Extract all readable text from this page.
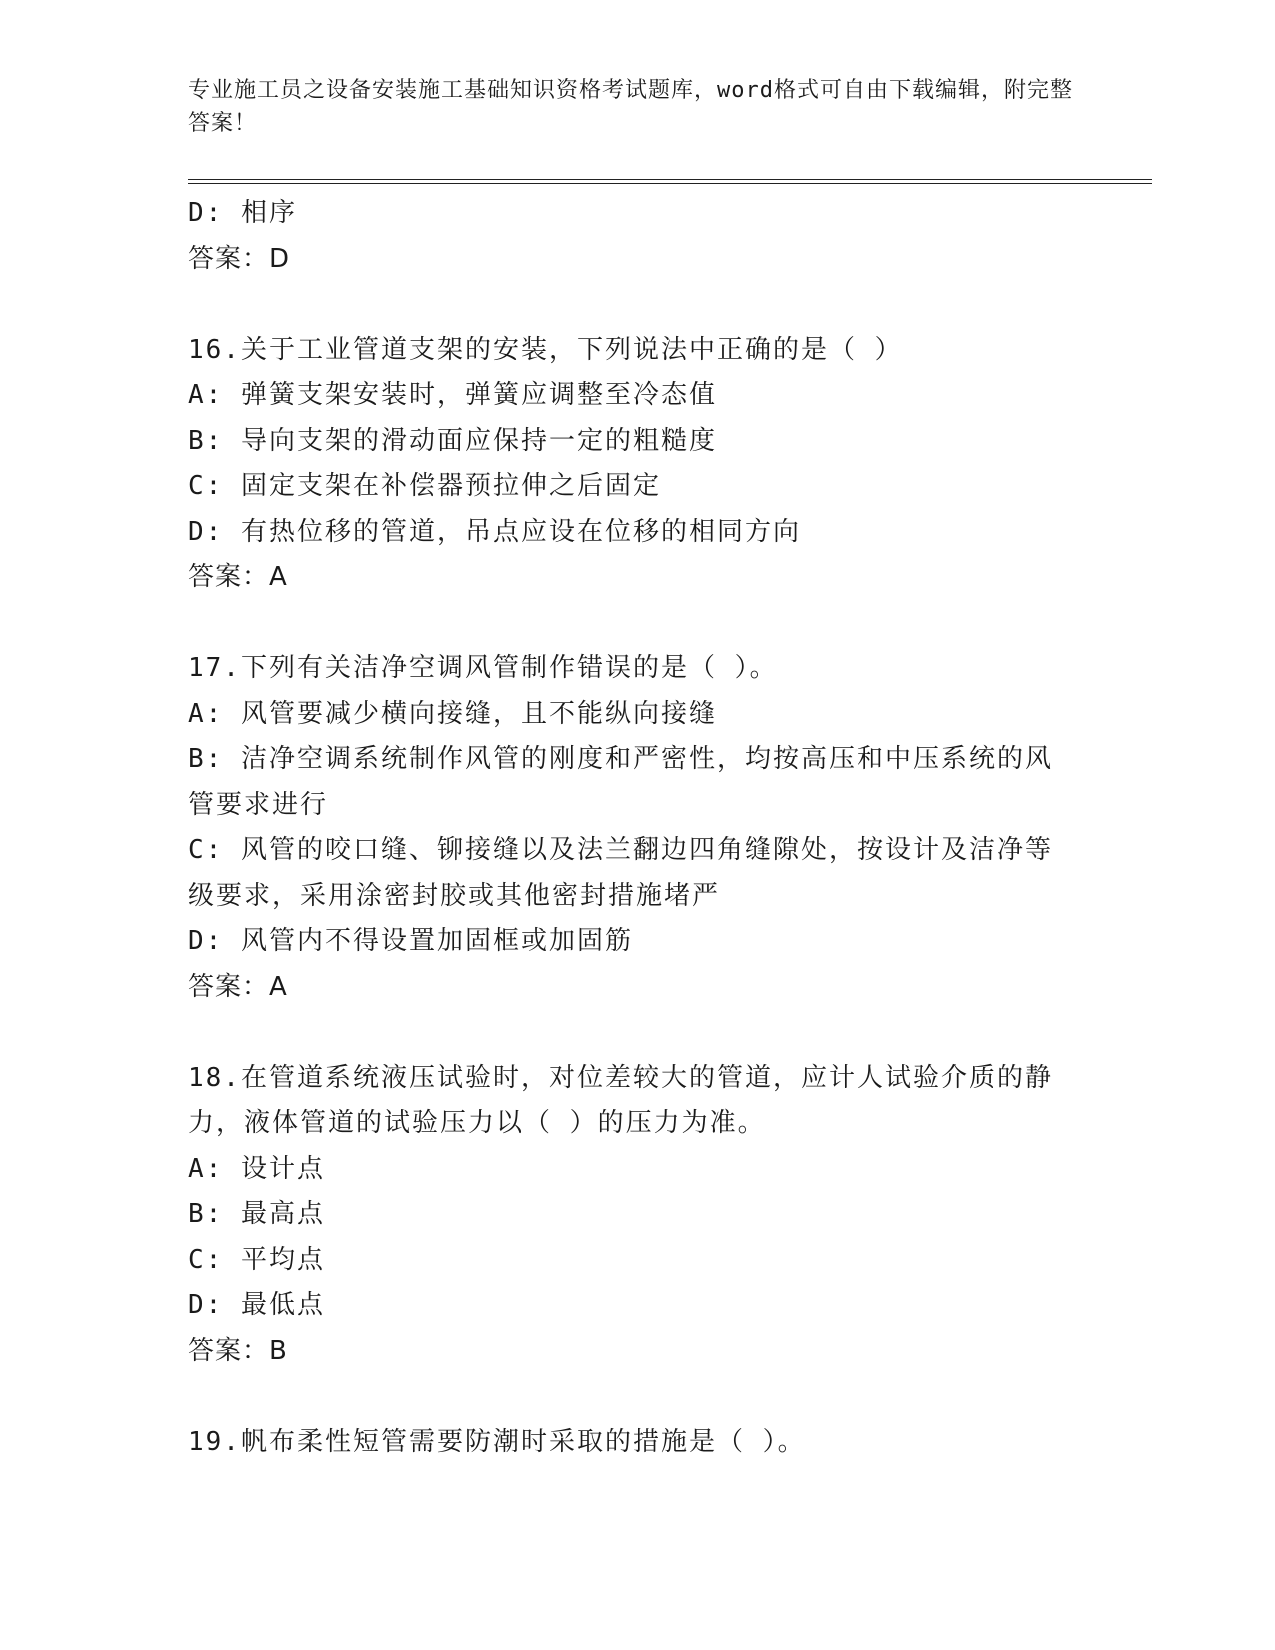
专业施工员之设备安装施工基础知识资格考试题库，word格式可自由下载编辑，附完整答案！

D: 相序

答案：D

16.关于工业管道支架的安装，下列说法中正确的是（ ）

A: 弹簧支架安装时，弹簧应调整至冷态值

B: 导向支架的滑动面应保持一定的粗糙度

C: 固定支架在补偿器预拉伸之后固定

D: 有热位移的管道，吊点应设在位移的相同方向

答案：A

17.下列有关洁净空调风管制作错误的是（ ）。

A: 风管要减少横向接缝，且不能纵向接缝

B: 洁净空调系统制作风管的刚度和严密性，均按高压和中压系统的风管要求进行

C: 风管的咬口缝、铆接缝以及法兰翻边四角缝隙处，按设计及洁净等级要求，采用涂密封胶或其他密封措施堵严

D: 风管内不得设置加固框或加固筋

答案：A

18.在管道系统液压试验时，对位差较大的管道，应计人试验介质的静力，液体管道的试验压力以（ ）的压力为准。

A: 设计点

B: 最高点

C: 平均点

D: 最低点

答案：B

19.帆布柔性短管需要防潮时采取的措施是（ ）。
